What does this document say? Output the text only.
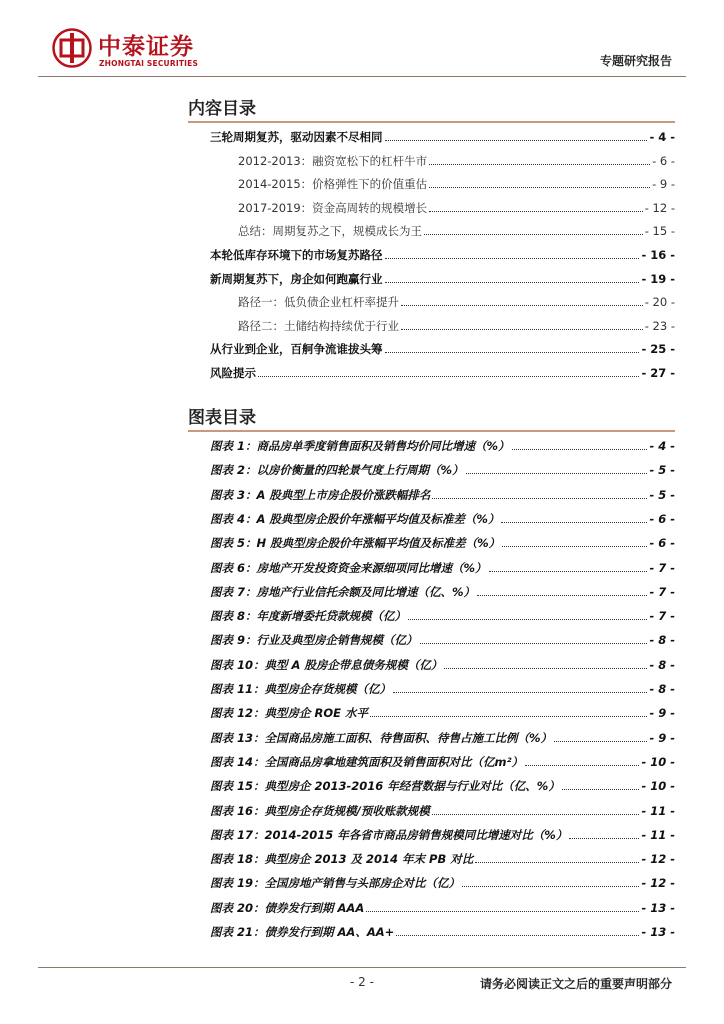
中泰证券
ZHONGTAI SECURITIES	专题研究报告
内容目录
三轮周期复苏，驱动因素不尽相同	- 4 -
2012-2013：融资宽松下的杠杆牛市	- 6 -
2014-2015：价格弹性下的价值重估	- 9 -
2017-2019：资金高周转的规模增长	- 12 -
总结：周期复苏之下，规模成长为王	- 15 -
本轮低库存环境下的市场复苏路径	- 16 -
新周期复苏下，房企如何跑赢行业	- 19 -
路径一：低负债企业杠杆率提升	- 20 -
路径二：土储结构持续优于行业	- 23 -
从行业到企业，百舸争流谁拔头筹	- 25 -
风险提示	- 27 -
图表目录
图表 1： 商品房单季度销售面积及销售均价同比增速（%）	- 4 -
图表 2： 以房价衡量的四轮景气度上行周期（%）	- 5 -
图表 3： A 股典型上市房企股价涨跌幅排名	- 5 -
图表 4： A 股典型房企股价年涨幅平均值及标准差（%）	- 6 -
图表 5： H 股典型房企股价年涨幅平均值及标准差（%）	- 6 -
图表 6： 房地产开发投资资金来源细项同比增速（%）	- 7 -
图表 7： 房地产行业信托余额及同比增速（亿、%）	- 7 -
图表 8： 年度新增委托贷款规模（亿）	- 7 -
图表 9： 行业及典型房企销售规模（亿）	- 8 -
图表 10： 典型 A 股房企带息债务规模（亿）	- 8 -
图表 11： 典型房企存货规模（亿）	- 8 -
图表 12： 典型房企 ROE 水平	- 9 -
图表 13： 全国商品房施工面积、待售面积、待售占施工比例（%）	- 9 -
图表 14： 全国商品房拿地建筑面积及销售面积对比（亿m²）	- 10 -
图表 15： 典型房企 2013-2016 年经营数据与行业对比（亿、%）	- 10 -
图表 16： 典型房企存货规模/预收账款规模	- 11 -
图表 17： 2014-2015 年各省市商品房销售规模同比增速对比（%）	- 11 -
图表 18： 典型房企 2013 及 2014 年末 PB 对比	- 12 -
图表 19： 全国房地产销售与头部房企对比（亿）	- 12 -
图表 20： 债券发行到期 AAA	- 13 -
图表 21： 债券发行到期 AA、AA+	- 13 -
- 2 -	请务必阅读正文之后的重要声明部分
